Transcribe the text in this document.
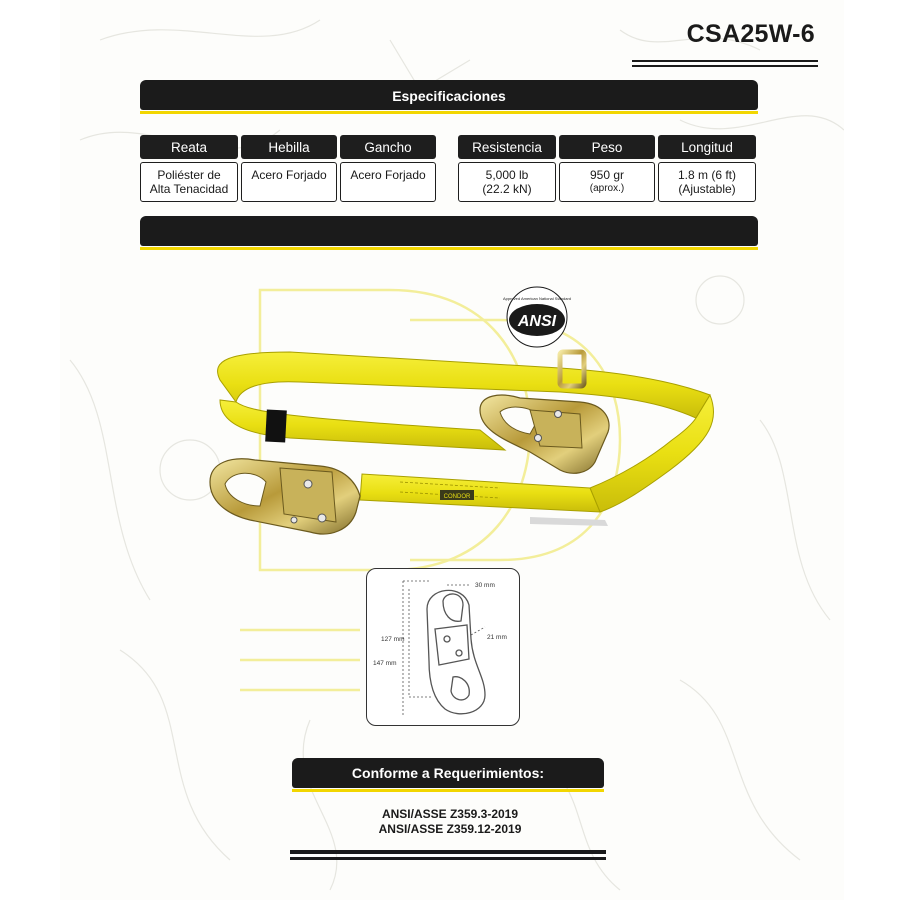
CSA25W-6
Especificaciones
Reata
Poliéster de
Alta Tenacidad
Hebilla
Acero Forjado
Gancho
Acero Forjado
Resistencia
5,000 lb
(22.2 kN)
Peso
950 gr
(aprox.)
Longitud
1.8 m (6 ft)
(Ajustable)
ANSI
Approved American National Standard
CONDOR
30 mm
21 mm
127 mm
147 mm
Conforme a Requerimientos:
ANSI/ASSE Z359.3-2019
ANSI/ASSE Z359.12-2019
